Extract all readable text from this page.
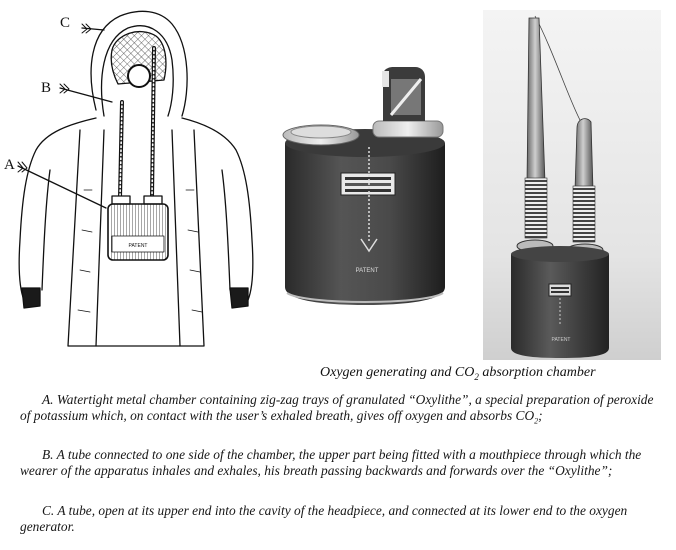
PATENT
C
B
A
PATENT
PATENT
Oxygen generating and $CO_2$ absorption chamber

A. Watertight metal chamber containing zig-zag trays of granulated “Oxylithe”, a special preparation of peroxide of potassium which, on contact with the user’s exhaled breath, gives off oxygen and absorbs $CO_2$;

B. A tube connected to one side of the chamber, the upper part being fitted with a mouthpiece through which the wearer of the apparatus inhales and exhales, his breath passing backwards and forwards over the “Oxylithe”;

C. A tube, open at its upper end into the cavity of the headpiece, and connected at its lower end to the oxygen generator.
